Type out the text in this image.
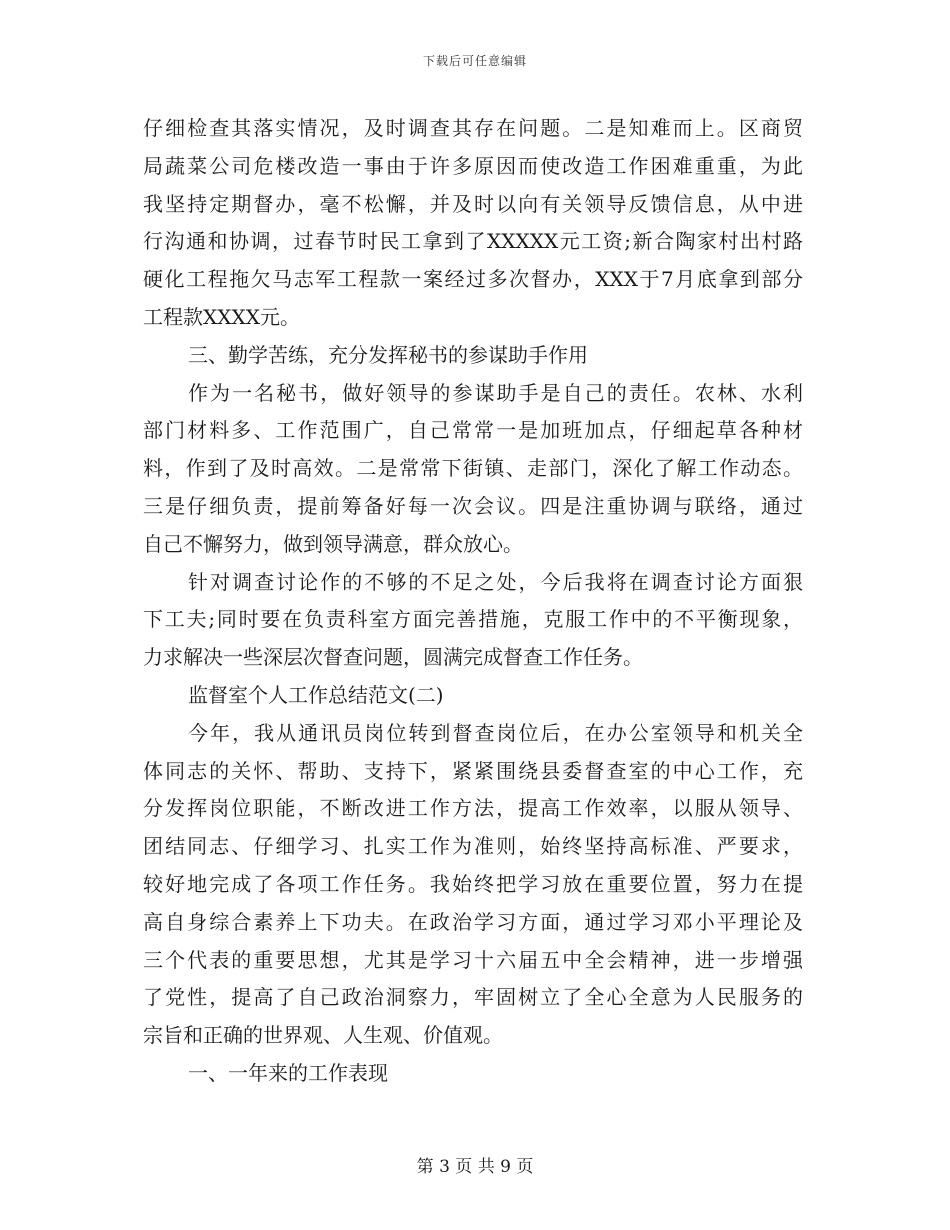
下载后可任意编辑
仔细检查其落实情况，及时调查其存在问题。二是知难而上。区商贸
局蔬菜公司危楼改造一事由于许多原因而使改造工作困难重重，为此
我坚持定期督办，毫不松懈，并及时以向有关领导反馈信息，从中进
行沟通和协调，过春节时民工拿到了XXXXX元工资;新合陶家村出村路
硬化工程拖欠马志军工程款一案经过多次督办，XXX于7月底拿到部分
工程款XXXX元。
三、勤学苦练，充分发挥秘书的参谋助手作用
作为一名秘书，做好领导的参谋助手是自己的责任。农林、水利
部门材料多、工作范围广，自己常常一是加班加点，仔细起草各种材
料，作到了及时高效。二是常常下街镇、走部门，深化了解工作动态。
三是仔细负责，提前筹备好每一次会议。四是注重协调与联络，通过
自己不懈努力，做到领导满意，群众放心。
针对调查讨论作的不够的不足之处，今后我将在调查讨论方面狠
下工夫;同时要在负责科室方面完善措施，克服工作中的不平衡现象，
力求解决一些深层次督查问题，圆满完成督查工作任务。
监督室个人工作总结范文(二)
今年，我从通讯员岗位转到督查岗位后，在办公室领导和机关全
体同志的关怀、帮助、支持下，紧紧围绕县委督查室的中心工作，充
分发挥岗位职能，不断改进工作方法，提高工作效率，以服从领导、
团结同志、仔细学习、扎实工作为准则，始终坚持高标准、严要求，
较好地完成了各项工作任务。我始终把学习放在重要位置，努力在提
高自身综合素养上下功夫。在政治学习方面，通过学习邓小平理论及
三个代表的重要思想，尤其是学习十六届五中全会精神，进一步增强
了党性，提高了自己政治洞察力，牢固树立了全心全意为人民服务的
宗旨和正确的世界观、人生观、价值观。
一、一年来的工作表现
第 3 页 共 9 页
